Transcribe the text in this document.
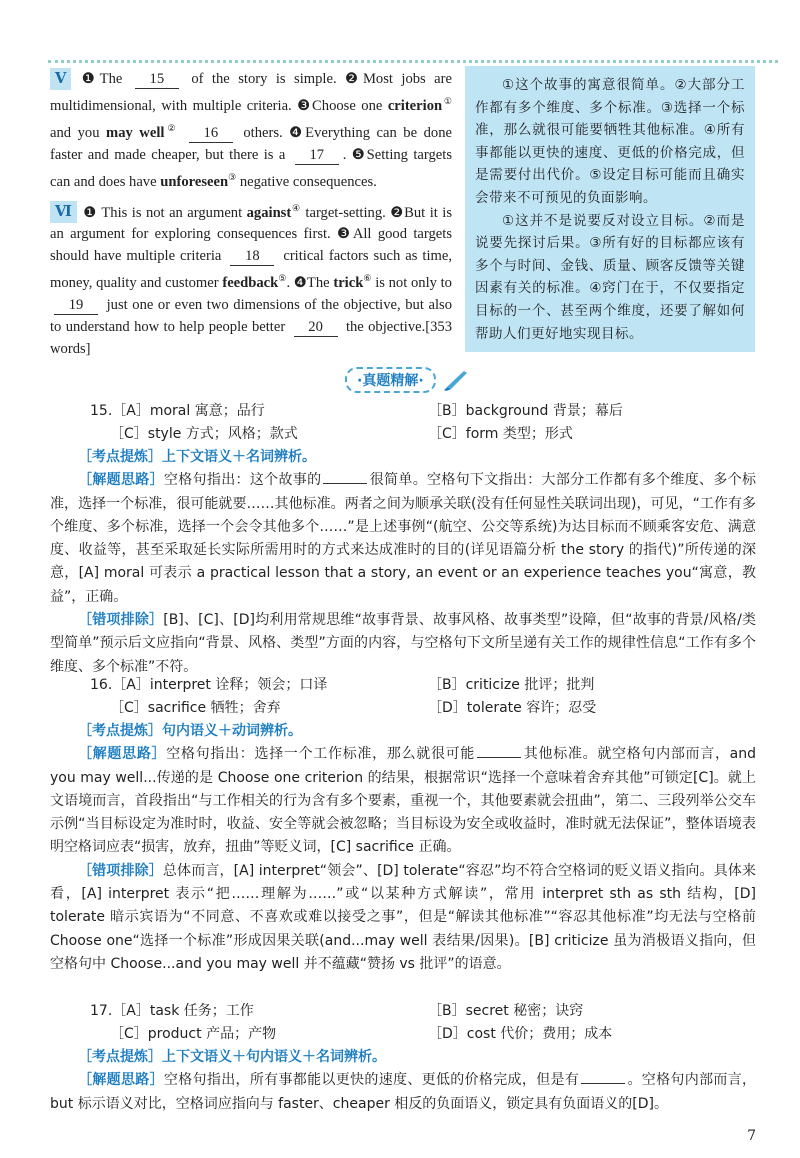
Ⅴ ❶The 15 of the story is simple. ❷Most jobs are multidimensional, with multiple criteria. ❸Choose one criterion① and you may well② 16 others. ❹Everything can be done faster and made cheaper, but there is a 17 . ❺Setting targets can and does have unforeseen③ negative consequences.

Ⅵ ❶ This is not an argument against④ target-setting. ❷But it is an argument for exploring consequences first. ❸All good targets should have multiple criteria 18 critical factors such as time, money, quality and customer feedback⑤. ❹The trick⑥ is not only to 19 just one or even two dimensions of the objective, but also to understand how to help people better 20 the objective.[353 words]

①这个故事的寓意很简单。②大部分工作都有多个维度、多个标准。③选择一个标准，那么就很可能要牺牲其他标准。④所有事都能以更快的速度、更低的价格完成，但是需要付出代价。⑤设定目标可能而且确实会带来不可预见的负面影响。

①这并不是说要反对设立目标。②而是说要先探讨后果。③所有好的目标都应该有多个与时间、金钱、质量、顾客反馈等关键因素有关的标准。④窍门在于，不仅要指定目标的一个、甚至两个维度，还要了解如何帮助人们更好地实现目标。

·真题精解·
15.［A］moral 寓意；品行	［B］background 背景；幕后
［C］style 方式；风格；款式	［C］form 类型；形式

［考点提炼］上下文语义＋名词辨析。

［解题思路］空格句指出：这个故事的	很简单。空格句下文指出：大部分工作都有多个维度、多个标准，选择一个标准，很可能就要……其他标准。两者之间为顺承关联(没有任何显性关联词出现)，可见，“工作有多个维度、多个标准，选择一个会令其他多个……”是上述事例“(航空、公交等系统)为达目标而不顾乘客安危、满意度、收益等，甚至采取延长实际所需用时的方式来达成准时的目的(详见语篇分析 the story 的指代)”所传递的深意，[A] moral 可表示 a practical lesson that a story, an event or an experience teaches you“寓意，教益”，正确。

［错项排除］[B]、[C]、[D]均利用常规思维“故事背景、故事风格、故事类型”设障，但“故事的背景/风格/类型简单”预示后文应指向“背景、风格、类型”方面的内容，与空格句下文所呈递有关工作的规律性信息“工作有多个维度、多个标准”不符。

16.［A］interpret 诠释；领会；口译	［B］criticize 批评；批判
［C］sacrifice 牺牲；舍弃	［D］tolerate 容许；忍受

［考点提炼］句内语义＋动词辨析。

［解题思路］空格句指出：选择一个工作标准，那么就很可能	其他标准。就空格句内部而言，and you may well...传递的是 Choose one criterion 的结果，根据常识“选择一个意味着舍弃其他”可锁定[C]。就上文语境而言，首段指出“与工作相关的行为含有多个要素，重视一个，其他要素就会扭曲”，第二、三段列举公交车示例“当目标设定为准时时，收益、安全等就会被忽略；当目标设为安全或收益时，准时就无法保证”，整体语境表明空格词应表“损害，放弃，扭曲”等贬义词，[C] sacrifice 正确。

［错项排除］总体而言，[A] interpret“领会”、[D] tolerate“容忍”均不符合空格词的贬义语义指向。具体来看，[A] interpret 表示“把……理解为……”或“以某种方式解读”，常用 interpret sth as sth 结构，[D] tolerate 暗示宾语为“不同意、不喜欢或难以接受之事”，但是“解读其他标准”“容忍其他标准”均无法与空格前 Choose one“选择一个标准”形成因果关联(and...may well 表结果/因果)。[B] criticize 虽为消极语义指向，但空格句中 Choose...and you may well 并不蕴藏“赞扬 vs 批评”的语意。

17.［A］task 任务；工作	［B］secret 秘密；诀窍
［C］product 产品；产物	［D］cost 代价；费用；成本

［考点提炼］上下文语义＋句内语义＋名词辨析。

［解题思路］空格句指出，所有事都能以更快的速度、更低的价格完成，但是有	。空格句内部而言，but 标示语义对比，空格词应指向与 faster、cheaper 相反的负面语义，锁定具有负面语义的[D]。

7
